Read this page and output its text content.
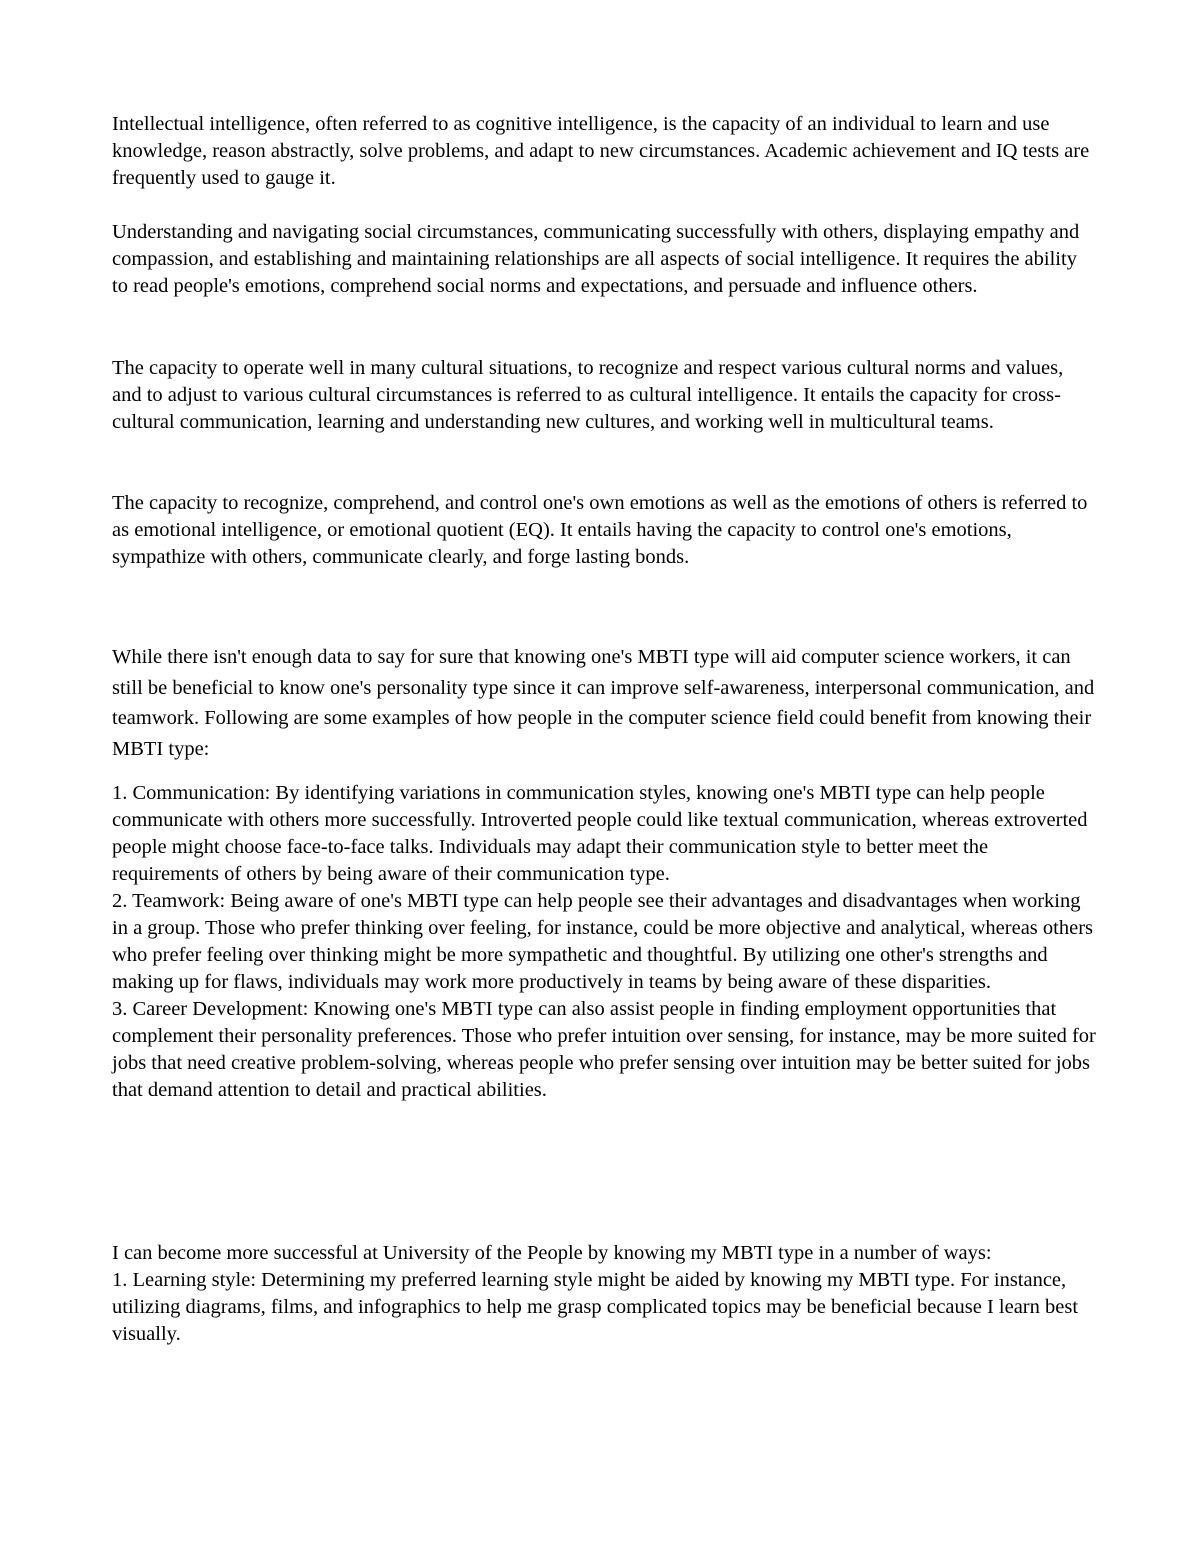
Intellectual intelligence, often referred to as cognitive intelligence, is the capacity of an individual to learn and use knowledge, reason abstractly, solve problems, and adapt to new circumstances. Academic achievement and IQ tests are frequently used to gauge it.

Understanding and navigating social circumstances, communicating successfully with others, displaying empathy and compassion, and establishing and maintaining relationships are all aspects of social intelligence. It requires the ability to read people's emotions, comprehend social norms and expectations, and persuade and influence others.

The capacity to operate well in many cultural situations, to recognize and respect various cultural norms and values, and to adjust to various cultural circumstances is referred to as cultural intelligence. It entails the capacity for cross-cultural communication, learning and understanding new cultures, and working well in multicultural teams.

The capacity to recognize, comprehend, and control one's own emotions as well as the emotions of others is referred to as emotional intelligence, or emotional quotient (EQ). It entails having the capacity to control one's emotions, sympathize with others, communicate clearly, and forge lasting bonds.

While there isn't enough data to say for sure that knowing one's MBTI type will aid computer science workers, it can still be beneficial to know one's personality type since it can improve self-awareness, interpersonal communication, and teamwork. Following are some examples of how people in the computer science field could benefit from knowing their MBTI type:

1. Communication: By identifying variations in communication styles, knowing one's MBTI type can help people communicate with others more successfully. Introverted people could like textual communication, whereas extroverted people might choose face-to-face talks. Individuals may adapt their communication style to better meet the requirements of others by being aware of their communication type.

2. Teamwork: Being aware of one's MBTI type can help people see their advantages and disadvantages when working in a group. Those who prefer thinking over feeling, for instance, could be more objective and analytical, whereas others who prefer feeling over thinking might be more sympathetic and thoughtful. By utilizing one other's strengths and making up for flaws, individuals may work more productively in teams by being aware of these disparities.

3. Career Development: Knowing one's MBTI type can also assist people in finding employment opportunities that complement their personality preferences. Those who prefer intuition over sensing, for instance, may be more suited for jobs that need creative problem-solving, whereas people who prefer sensing over intuition may be better suited for jobs that demand attention to detail and practical abilities.

I can become more successful at University of the People by knowing my MBTI type in a number of ways:

1. Learning style: Determining my preferred learning style might be aided by knowing my MBTI type. For instance, utilizing diagrams, films, and infographics to help me grasp complicated topics may be beneficial because I learn best visually.
